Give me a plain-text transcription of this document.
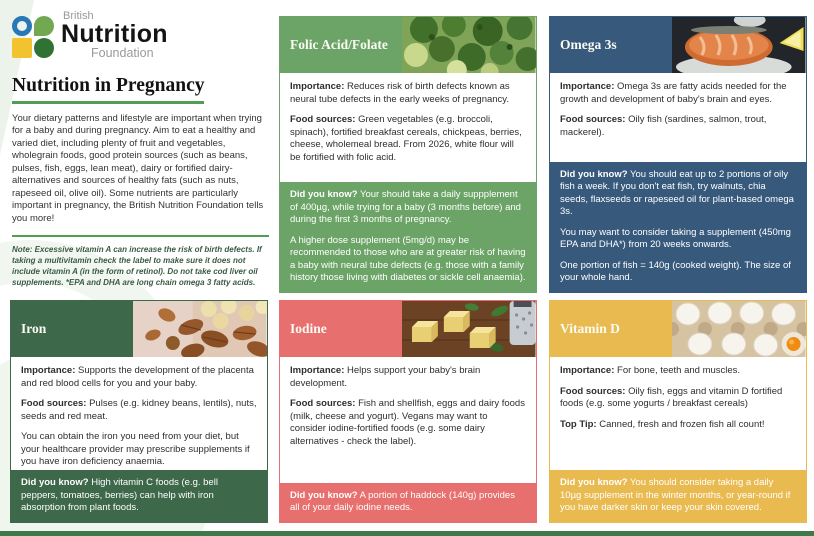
British
Nutrition
Foundation
Nutrition in Pregnancy

Your dietary patterns and lifestyle are important when trying for a baby and during pregnancy. Aim to eat a healthy and varied diet, including plenty of fruit and vegetables, wholegrain foods, good protein sources (such as beans, pulses, fish, eggs, lean meat), dairy or fortified dairy-alternatives and sources of healthy fats (such as nuts, rapeseed oil, olive oil). Some nutrients are particularly important in pregnancy, the British Nutrition Foundation tells you more!

Note: Excessive vitamin A can increase the risk of birth defects. If taking a multivitamin check the label to make sure it does not include vitamin A (in the form of retinol). Do not take cod liver oil supplements. *EPA and DHA are long chain omega 3 fatty acids.

Folic Acid/Folate

Importance: Reduces risk of birth defects known as neural tube defects in the early weeks of pregnancy.

Food sources: Green vegetables (e.g. broccoli, spinach), fortified breakfast cereals, chickpeas, berries, cheese, wholemeal bread. From 2026, white flour will be fortified with folic acid.

Did you know? Your should take a daily suppplement of 400µg, while trying for a baby (3 months before) and during the first 3 months of pregnancy.

A higher dose supplement (5mg/d) may be recommended to those who are at greater risk of having a baby with neural tube defects (e.g. those with a family history those living with diabetes or sickle cell anaemia).

Omega 3s

Importance: Omega 3s are fatty acids needed for the growth and development of baby's brain and eyes.

Food sources: Oily fish (sardines, salmon, trout, mackerel).

Did you know? You should eat up to 2 portions of oily fish a week. If you don't eat fish, try walnuts, chia seeds, flaxseeds or rapeseed oil for plant-based omega 3s.

You may want to consider taking a supplement (450mg EPA and DHA*) from 20 weeks onwards.

One portion of fish = 140g (cooked weight). The size of your whole hand.

Iron

Importance: Supports the development of the placenta and red blood cells for you and your baby.

Food sources: Pulses (e.g. kidney beans, lentils), nuts, seeds and red meat.

You can obtain the iron you need from your diet, but your healthcare provider may prescribe supplements if you have iron deficiency anaemia.

Did you know? High vitamin C foods (e.g. bell peppers, tomatoes, berries) can help with iron absorption from plant foods.

Iodine

Importance: Helps support your baby's brain development.

Food sources: Fish and shellfish, eggs and dairy foods (milk, cheese and yogurt). Vegans may want to consider iodine-fortified foods (e.g. some dairy alternatives - check the label).

Did you know? A portion of haddock (140g) provides all of your daily iodine needs.

Vitamin D

Importance: For bone, teeth and muscles.

Food sources: Oily fish, eggs and vitamin D fortified foods (e.g. some yogurts / breakfast cereals)

Top Tip: Canned, fresh and frozen fish all count!

Did you know? You should consider taking a daily 10µg supplement in the winter months, or year-round if you have darker skin or keep your skin covered.
